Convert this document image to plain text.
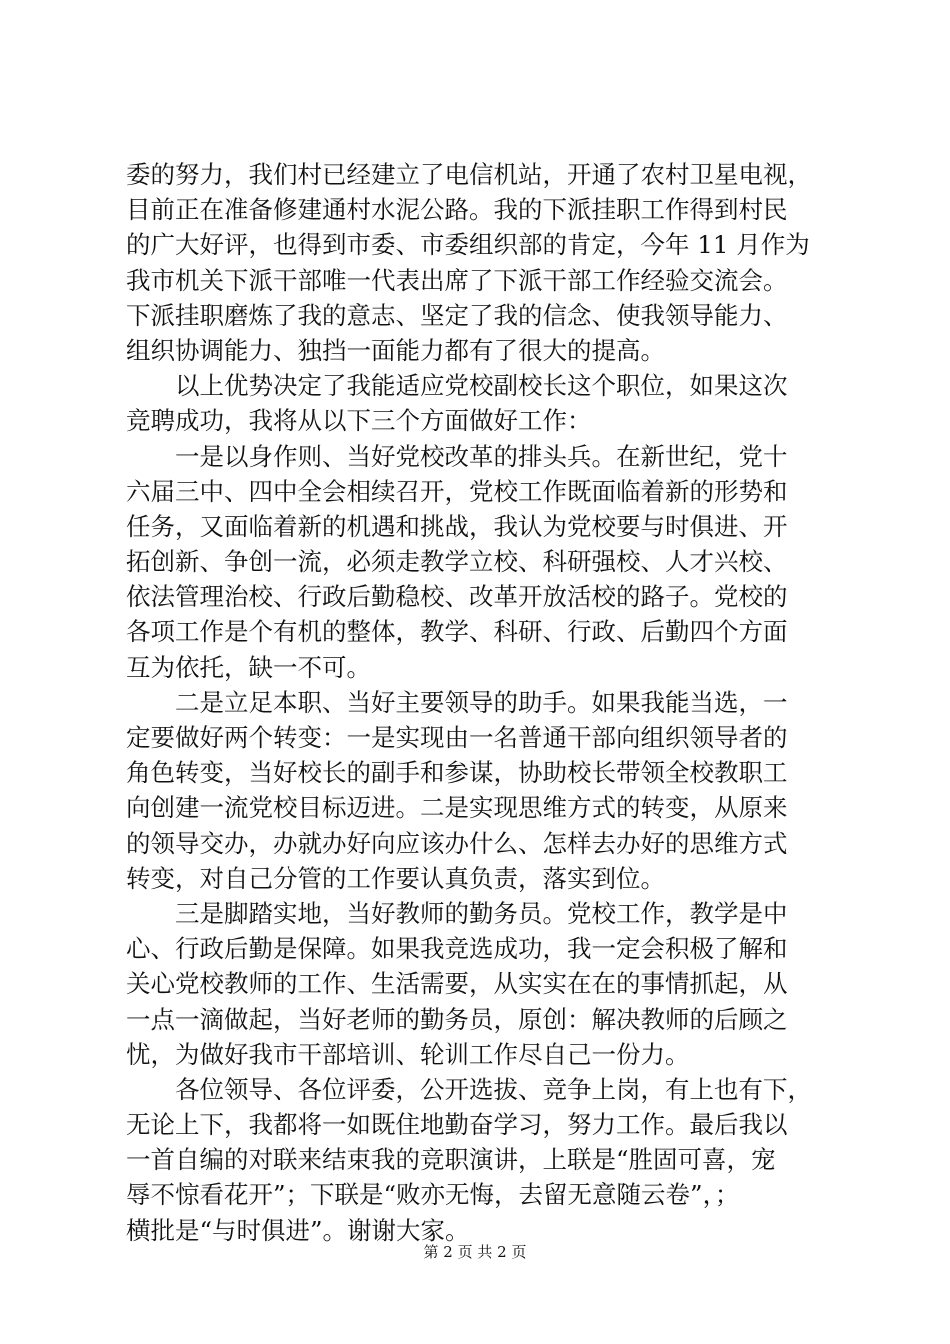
委的努力，我们村已经建立了电信机站，开通了农村卫星电视，
目前正在准备修建通村水泥公路。我的下派挂职工作得到村民
的广大好评，也得到市委、市委组织部的肯定，今年 11 月作为
我市机关下派干部唯一代表出席了下派干部工作经验交流会。
下派挂职磨炼了我的意志、坚定了我的信念、使我领导能力、
组织协调能力、独挡一面能力都有了很大的提高。
　　以上优势决定了我能适应党校副校长这个职位，如果这次
竞聘成功，我将从以下三个方面做好工作：
　　一是以身作则、当好党校改革的排头兵。在新世纪，党十
六届三中、四中全会相续召开，党校工作既面临着新的形势和
任务，又面临着新的机遇和挑战，我认为党校要与时俱进、开
拓创新、争创一流，必须走教学立校、科研强校、人才兴校、
依法管理治校、行政后勤稳校、改革开放活校的路子。党校的
各项工作是个有机的整体，教学、科研、行政、后勤四个方面
互为依托，缺一不可。
　　二是立足本职、当好主要领导的助手。如果我能当选，一
定要做好两个转变：一是实现由一名普通干部向组织领导者的
角色转变，当好校长的副手和参谋，协助校长带领全校教职工
向创建一流党校目标迈进。二是实现思维方式的转变，从原来
的领导交办，办就办好向应该办什么、怎样去办好的思维方式
转变，对自己分管的工作要认真负责，落实到位。
　　三是脚踏实地，当好教师的勤务员。党校工作，教学是中
心、行政后勤是保障。如果我竞选成功，我一定会积极了解和
关心党校教师的工作、生活需要，从实实在在的事情抓起，从
一点一滴做起，当好老师的勤务员，原创：解决教师的后顾之
忧，为做好我市干部培训、轮训工作尽自己一份力。
　　各位领导、各位评委，公开选拔、竞争上岗，有上也有下，
无论上下，我都将一如既住地勤奋学习，努力工作。最后我以
一首自编的对联来结束我的竞职演讲，上联是“胜固可喜，宠
辱不惊看花开”；下联是“败亦无悔，去留无意随云卷”，；
横批是“与时俱进”。谢谢大家。
第 2 页 共 2 页
